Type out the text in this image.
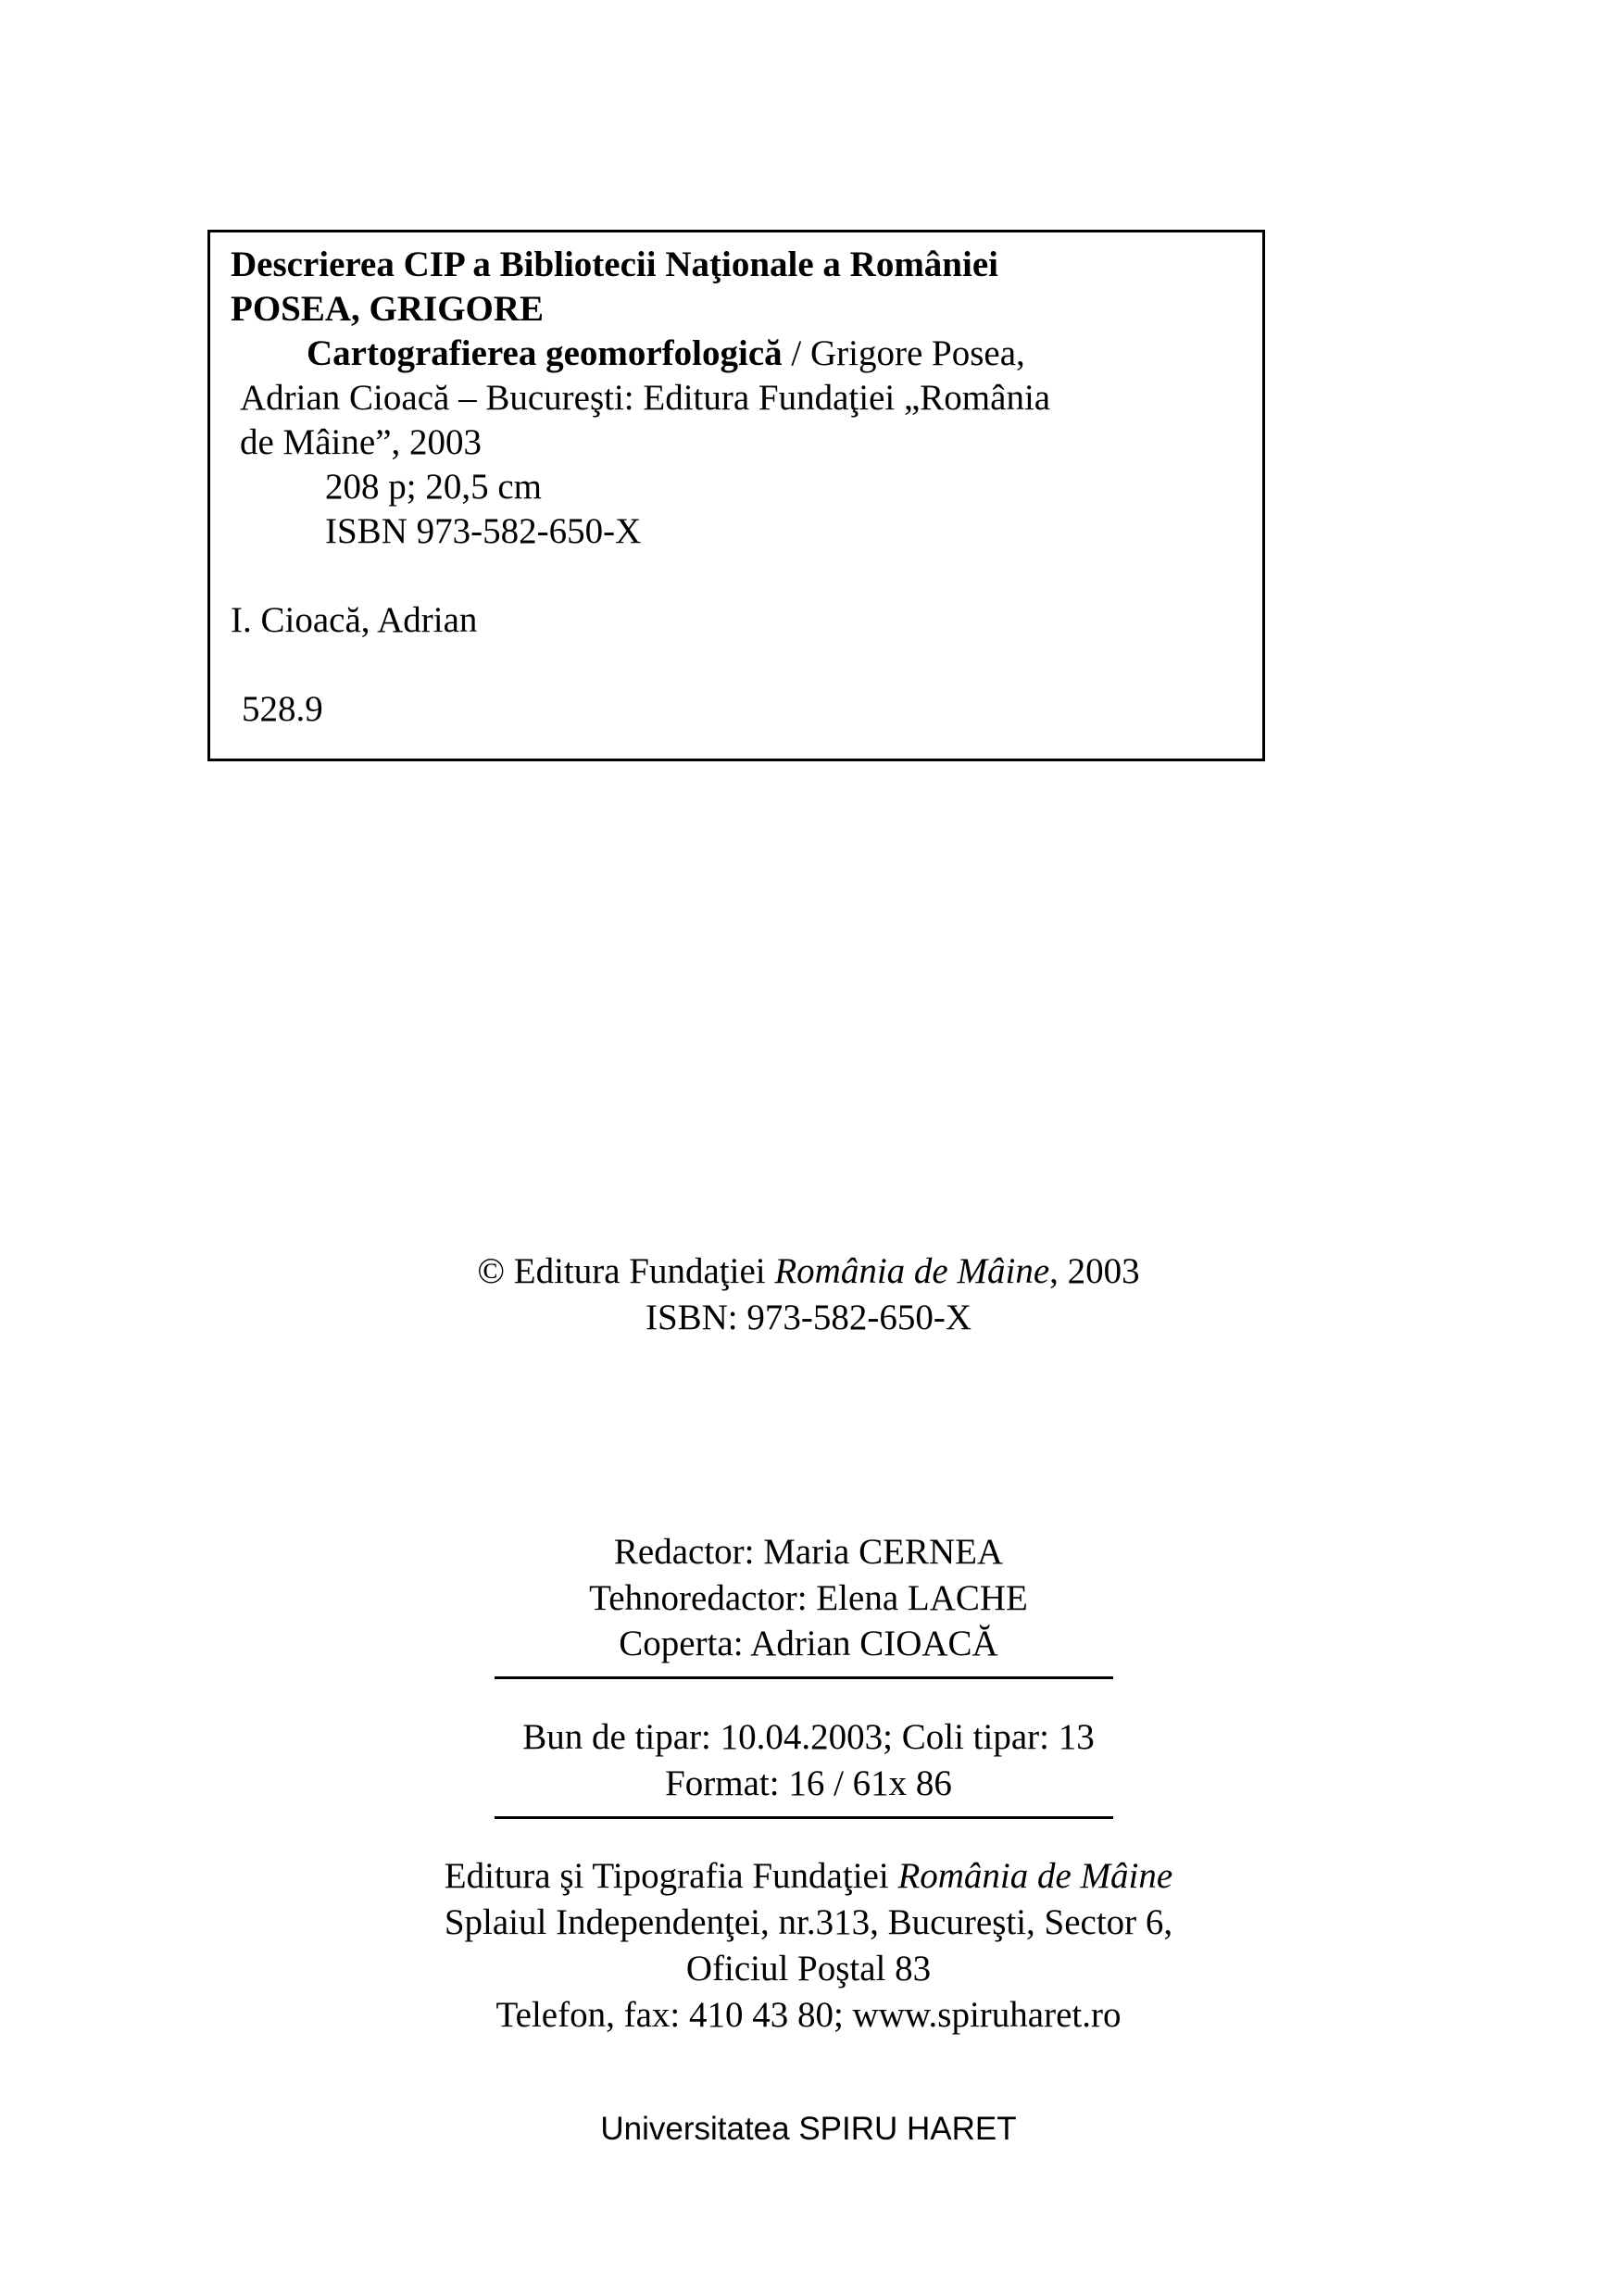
Descrierea CIP a Bibliotecii Naţionale a României
POSEA, GRIGORE
Cartografierea geomorfologică / Grigore Posea,
Adrian Cioacă – Bucureşti: Editura Fundaţiei „România
de Mâine”, 2003
208 p; 20,5 cm
ISBN 973-582-650-X
I. Cioacă, Adrian
528.9
© Editura Fundaţiei România de Mâine, 2003
ISBN: 973-582-650-X
Redactor: Maria CERNEA
Tehnoredactor: Elena LACHE
Coperta: Adrian CIOACĂ
Bun de tipar: 10.04.2003; Coli tipar: 13
Format: 16 / 61x 86
Editura şi Tipografia Fundaţiei România de Mâine
Splaiul Independenţei, nr.313, Bucureşti, Sector 6,
Oficiul Poştal 83
Telefon, fax: 410 43 80; www.spiruharet.ro
Universitatea SPIRU HARET
